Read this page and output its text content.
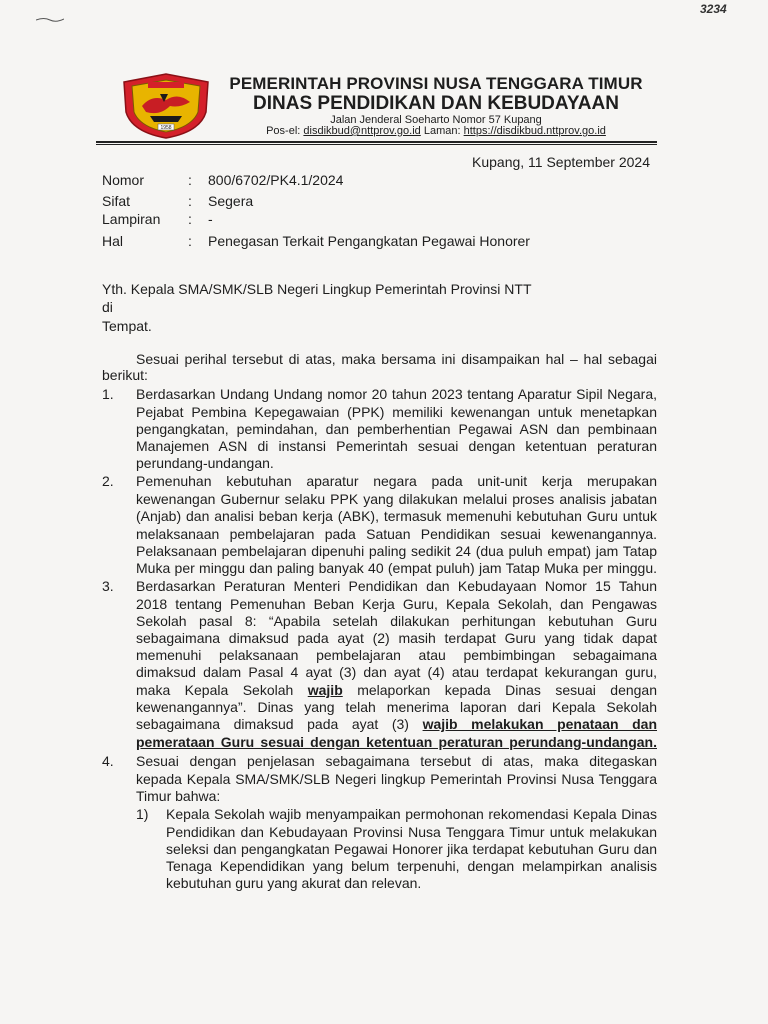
3234
1958
PEMERINTAH PROVINSI NUSA TENGGARA TIMUR
DINAS PENDIDIKAN DAN KEBUDAYAAN
Jalan Jenderal Soeharto Nomor 57 Kupang
Pos-el: disdikbud@nttprov.go.id Laman: https://disdikbud.nttprov.go.id
Kupang, 11 September 2024
Nomor	: 800/6702/PK4.1/2024
Sifat	: Segera
Lampiran : -
Hal	: Penegasan Terkait Pengangkatan Pegawai Honorer
Yth. Kepala SMA/SMK/SLB Negeri Lingkup Pemerintah Provinsi NTT
di
Tempat.
Sesuai perihal tersebut di atas, maka bersama ini disampaikan hal – hal sebagai
berikut:
1. Berdasarkan Undang Undang nomor 20 tahun 2023 tentang Aparatur Sipil Negara,
Pejabat Pembina Kepegawaian (PPK) memiliki kewenangan untuk menetapkan
pengangkatan, pemindahan, dan pemberhentian Pegawai ASN dan pembinaan
Manajemen ASN di instansi Pemerintah sesuai dengan ketentuan peraturan
perundang-undangan.
2. Pemenuhan kebutuhan aparatur negara pada unit-unit kerja merupakan
kewenangan Gubernur selaku PPK yang dilakukan melalui proses analisis jabatan
(Anjab) dan analisi beban kerja (ABK), termasuk memenuhi kebutuhan Guru untuk
melaksanaan pembelajaran pada Satuan Pendidikan sesuai kewenangannya.
Pelaksanaan pembelajaran dipenuhi paling sedikit 24 (dua puluh empat) jam Tatap
Muka per minggu dan paling banyak 40 (empat puluh) jam Tatap Muka per minggu.
3. Berdasarkan Peraturan Menteri Pendidikan dan Kebudayaan Nomor 15 Tahun
2018 tentang Pemenuhan Beban Kerja Guru, Kepala Sekolah, dan Pengawas
Sekolah pasal 8: “Apabila setelah dilakukan perhitungan kebutuhan Guru
sebagaimana dimaksud pada ayat (2) masih terdapat Guru yang tidak dapat
memenuhi pelaksanaan pembelajaran atau pembimbingan sebagaimana
dimaksud dalam Pasal 4 ayat (3) dan ayat (4) atau terdapat kekurangan guru,
maka Kepala Sekolah wajib melaporkan kepada Dinas sesuai dengan
kewenangannya”. Dinas yang telah menerima laporan dari Kepala Sekolah
sebagaimana dimaksud pada ayat (3) wajib melakukan penataan dan
pemerataan Guru sesuai dengan ketentuan peraturan perundang-undangan.
4. Sesuai dengan penjelasan sebagaimana tersebut di atas, maka ditegaskan
kepada Kepala SMA/SMK/SLB Negeri lingkup Pemerintah Provinsi Nusa Tenggara
Timur bahwa:
1) Kepala Sekolah wajib menyampaikan permohonan rekomendasi Kepala Dinas
Pendidikan dan Kebudayaan Provinsi Nusa Tenggara Timur untuk melakukan
seleksi dan pengangkatan Pegawai Honorer jika terdapat kebutuhan Guru dan
Tenaga Kependidikan yang belum terpenuhi, dengan melampirkan analisis
kebutuhan guru yang akurat dan relevan.
